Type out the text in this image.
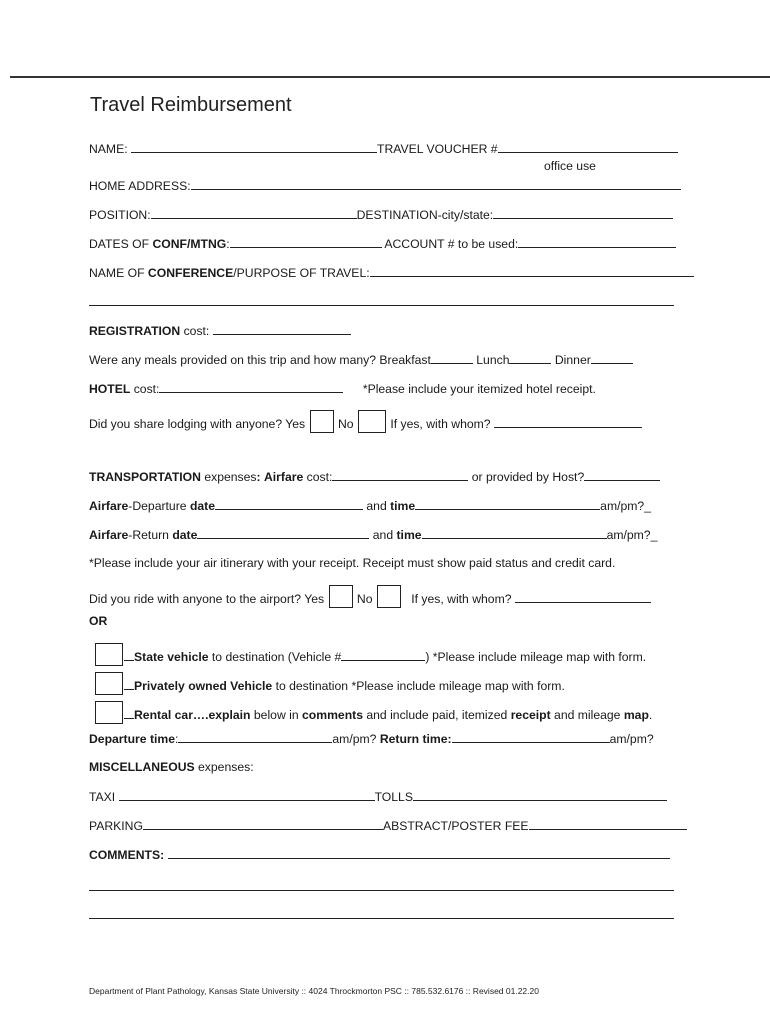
Travel Reimbursement
NAME:	TRAVEL VOUCHER #
office use
HOME ADDRESS:
POSITION:	DESTINATION-city/state:
DATES OF CONF/MTNG:	ACCOUNT # to be used:
NAME OF CONFERENCE/PURPOSE OF TRAVEL:
REGISTRATION cost:
Were any meals provided on this trip and how many? Breakfast	Lunch	Dinner
HOTEL cost:	*Please include your itemized hotel receipt.
Did you share lodging with anyone? Yes	No	If yes, with whom?
TRANSPORTATION expenses: Airfare cost:	or provided by Host?
Airfare-Departure date	and time	am/pm?_
Airfare-Return date	and time	am/pm?_
*Please include your air itinerary with your receipt. Receipt must show paid status and credit card.
Did you ride with anyone to the airport? Yes	No	If yes, with whom?
OR
State vehicle to destination (Vehicle #	) *Please include mileage map with form.
Privately owned Vehicle to destination *Please include mileage map with form.
Rental car….explain below in comments and include paid, itemized receipt and mileage map.
Departure time:	am/pm? Return time:	am/pm?
MISCELLANEOUS expenses:
TAXI	TOLLS
PARKING	ABSTRACT/POSTER FEE
COMMENTS:
Department of Plant Pathology, Kansas State University :: 4024 Throckmorton PSC :: 785.532.6176 :: Revised 01.22.20
